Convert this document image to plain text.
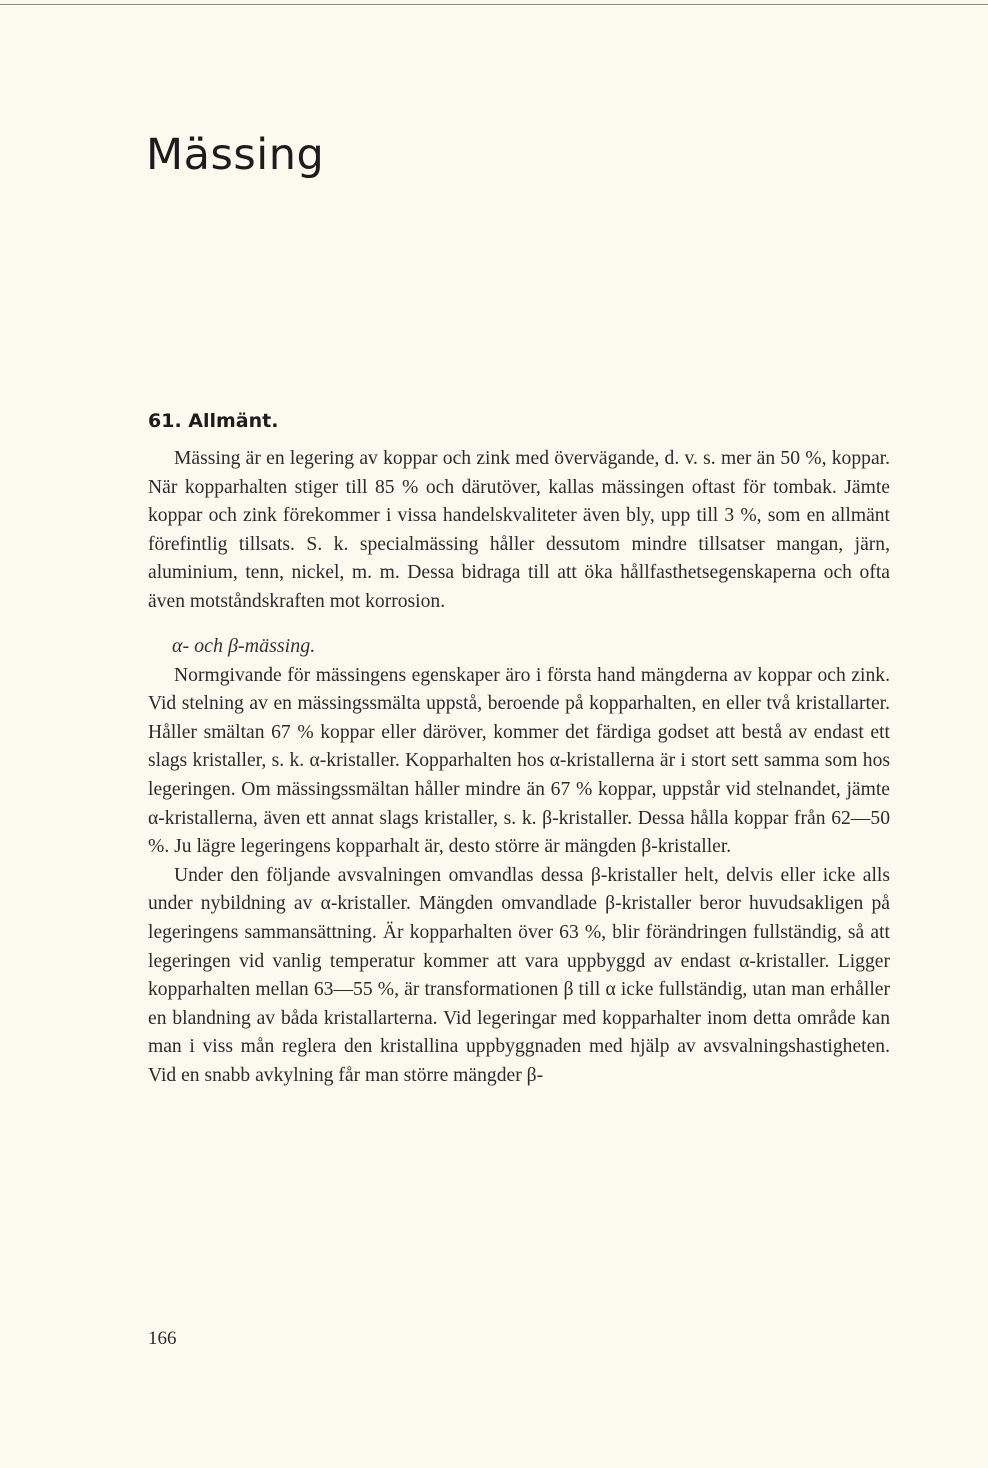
Mässing
61. Allmänt.

Mässing är en legering av koppar och zink med övervägande, d. v. s. mer än 50 %, koppar. När kopparhalten stiger till 85 % och därutöver, kallas mässingen oftast för tombak. Jämte koppar och zink förekommer i vissa handelskvaliteter även bly, upp till 3 %, som en allmänt förefintlig tillsats. S. k. specialmässing håller dessutom mindre tillsatser mangan, järn, aluminium, tenn, nickel, m. m. Dessa bidraga till att öka hållfasthetsegenskaperna och ofta även motståndskraften mot korrosion.

α- och β-mässing.

Normgivande för mässingens egenskaper äro i första hand mängderna av koppar och zink. Vid stelning av en mässingssmälta uppstå, beroende på kopparhalten, en eller två kristallarter. Håller smältan 67 % koppar eller däröver, kommer det färdiga godset att bestå av endast ett slags kristaller, s. k. α-kristaller. Kopparhalten hos α-kristallerna är i stort sett samma som hos legeringen. Om mässingssmältan håller mindre än 67 % koppar, uppstår vid stelnandet, jämte α-kristallerna, även ett annat slags kristaller, s. k. β-kristaller. Dessa hålla koppar från 62—50 %. Ju lägre legeringens kopparhalt är, desto större är mängden β-kristaller.

Under den följande avsvalningen omvandlas dessa β-kristaller helt, delvis eller icke alls under nybildning av α-kristaller. Mängden omvandlade β-kristaller beror huvudsakligen på legeringens sammansättning. Är kopparhalten över 63 %, blir förändringen fullständig, så att legeringen vid vanlig temperatur kommer att vara uppbyggd av endast α-kristaller. Ligger kopparhalten mellan 63—55 %, är transformationen β till α icke fullständig, utan man erhåller en blandning av båda kristallarterna. Vid legeringar med kopparhalter inom detta område kan man i viss mån reglera den kristallina uppbyggnaden med hjälp av avsvalningshastigheten. Vid en snabb avkylning får man större mängder β-

166
